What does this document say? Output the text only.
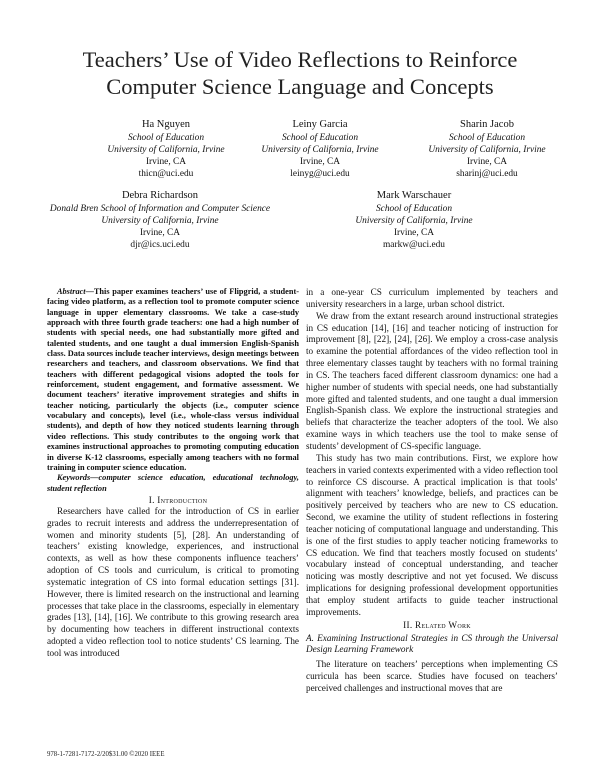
Teachers’ Use of Video Reflections to Reinforce
Computer Science Language and Concepts
Ha Nguyen
School of Education
University of California, Irvine
Irvine, CA
thicn@uci.edu
Leiny Garcia
School of Education
University of California, Irvine
Irvine, CA
leinyg@uci.edu
Sharin Jacob
School of Education
University of California, Irvine
Irvine, CA
sharinj@uci.edu
Debra Richardson
Donald Bren School of Information and Computer Science
University of California, Irvine
Irvine, CA
djr@ics.uci.edu
Mark Warschauer
School of Education
University of California, Irvine
Irvine, CA
markw@uci.edu

Abstract—This paper examines teachers’ use of Flipgrid, a student-facing video platform, as a reflection tool to promote computer science language in upper elementary classrooms. We take a case-study approach with three fourth grade teachers: one had a high number of students with special needs, one had substantially more gifted and talented students, and one taught a dual immersion English-Spanish class. Data sources include teacher interviews, design meetings between researchers and teachers, and classroom observations. We find that teachers with different pedagogical visions adopted the tools for reinforcement, student engagement, and formative assessment. We document teachers’ iterative improvement strategies and shifts in teacher noticing, particularly the objects (i.e., computer science vocabulary and concepts), level (i.e., whole-class versus individual students), and depth of how they noticed students learning through video reflections. This study contributes to the ongoing work that examines instructional approaches to promoting computing education in diverse K-12 classrooms, especially among teachers with no formal training in computer science education.

Keywords—computer science education, educational technology, student reflection

I. Introduction

Researchers have called for the introduction of CS in earlier grades to recruit interests and address the underrepresentation of women and minority students [5], [28]. An understanding of teachers’ existing knowledge, experiences, and instructional contexts, as well as how these components influence teachers’ adoption of CS tools and curriculum, is critical to promoting systematic integration of CS into formal education settings [31]. However, there is limited research on the instructional and learning processes that take place in the classrooms, especially in elementary grades [13], [14], [16]. We contribute to this growing research area by documenting how teachers in different instructional contexts adopted a video reflection tool to notice students’ CS learning. The tool was introduced

in a one-year CS curriculum implemented by teachers and university researchers in a large, urban school district.

We draw from the extant research around instructional strategies in CS education [14], [16] and teacher noticing of instruction for improvement [8], [22], [24], [26]. We employ a cross-case analysis to examine the potential affordances of the video reflection tool in three elementary classes taught by teachers with no formal training in CS. The teachers faced different classroom dynamics: one had a higher number of students with special needs, one had substantially more gifted and talented students, and one taught a dual immersion English-Spanish class. We explore the instructional strategies and beliefs that characterize the teacher adopters of the tool. We also examine ways in which teachers use the tool to make sense of students’ development of CS-specific language.

This study has two main contributions. First, we explore how teachers in varied contexts experimented with a video reflection tool to reinforce CS discourse. A practical implication is that tools’ alignment with teachers’ knowledge, beliefs, and practices can be positively perceived by teachers who are new to CS education. Second, we examine the utility of student reflections in fostering teacher noticing of computational language and understanding. This is one of the first studies to apply teacher noticing frameworks to CS education. We find that teachers mostly focused on students’ vocabulary instead of conceptual understanding, and teacher noticing was mostly descriptive and not yet focused. We discuss implications for designing professional development opportunities that employ student artifacts to guide teacher instructional improvements.

II. Related Work

A. Examining Instructional Strategies in CS through the Universal Design Learning Framework

The literature on teachers’ perceptions when implementing CS curricula has been scarce. Studies have focused on teachers’ perceived challenges and instructional moves that are

978-1-7281-7172-2/20$31.00 ©2020 IEEE
